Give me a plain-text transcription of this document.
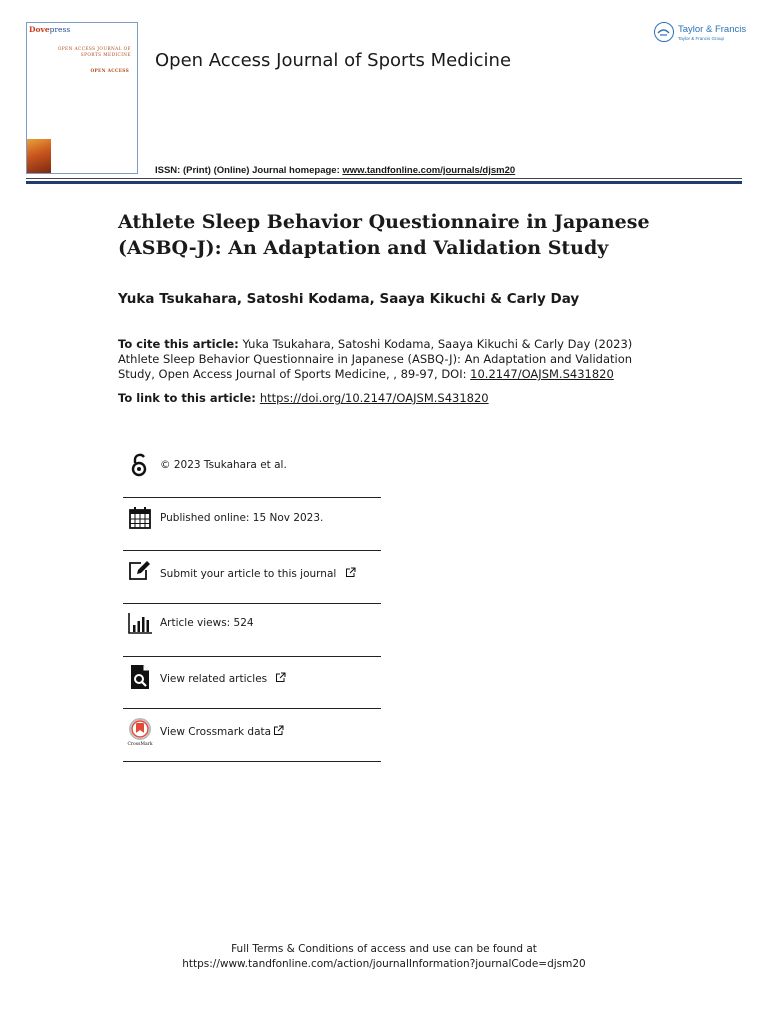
Dovepress
OPEN ACCESS JOURNAL OF
SPORTS MEDICINE
OPEN ACCESS
Open Access Journal of Sports Medicine
Taylor & Francis
Taylor & Francis Group
ISSN: (Print) (Online) Journal homepage: www.tandfonline.com/journals/djsm20
Athlete Sleep Behavior Questionnaire in Japanese
(ASBQ-J): An Adaptation and Validation Study
Yuka Tsukahara, Satoshi Kodama, Saaya Kikuchi & Carly Day
To cite this article: Yuka Tsukahara, Satoshi Kodama, Saaya Kikuchi & Carly Day (2023) Athlete Sleep Behavior Questionnaire in Japanese (ASBQ-J): An Adaptation and Validation Study, Open Access Journal of Sports Medicine, , 89-97, DOI: 10.2147/OAJSM.S431820
To link to this article: https://doi.org/10.2147/OAJSM.S431820
© 2023 Tsukahara et al.
Published online: 15 Nov 2023.
Submit your article to this journal
Article views: 524
View related articles
CrossMark
View Crossmark data
Full Terms & Conditions of access and use can be found at
https://www.tandfonline.com/action/journalInformation?journalCode=djsm20
